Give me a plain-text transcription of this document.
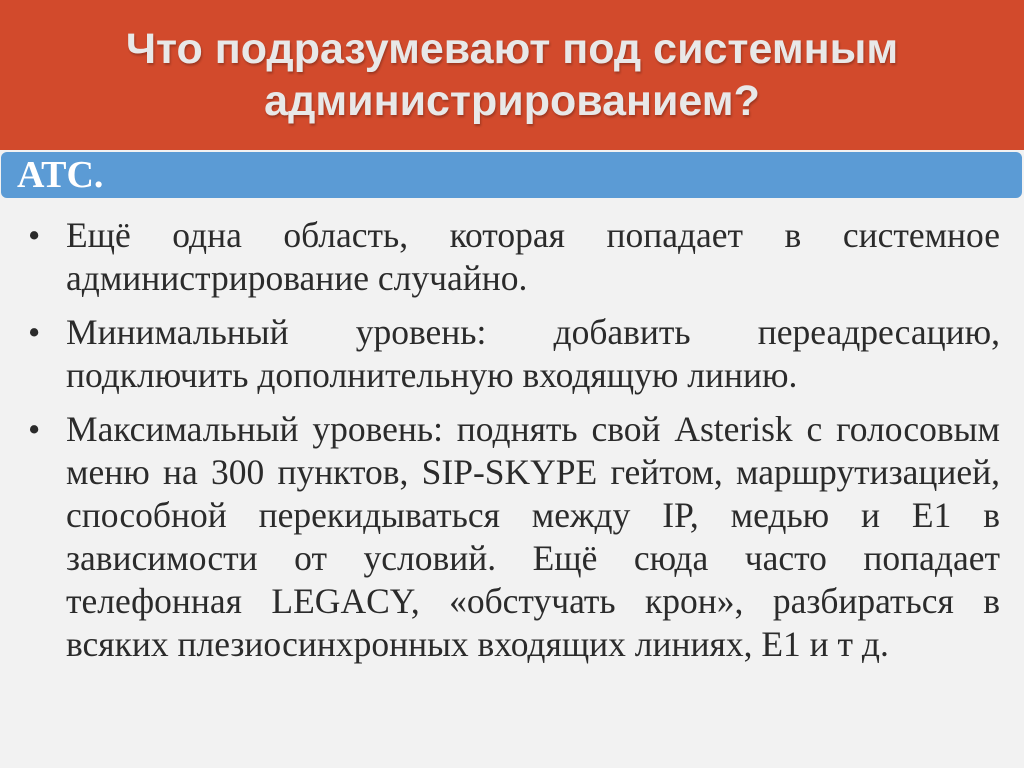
Что подразумевают под системным администрированием?
АТС.
• Ещё одна область, которая попадает в системное администрирование случайно.
• Минимальный уровень: добавить переадресацию, подключить дополнительную входящую линию.
• Максимальный уровень: поднять свой Asterisk с голосовым меню на 300 пунктов, SIP-SKYPE гейтом, маршрутизацией, способной перекидываться между IP, медью и Е1 в зависимости от условий. Ещё сюда часто попадает телефонная LEGACY, «обстучать крон», разбираться в всяких плезиосинхронных входящих линиях, Е1 и т д.
